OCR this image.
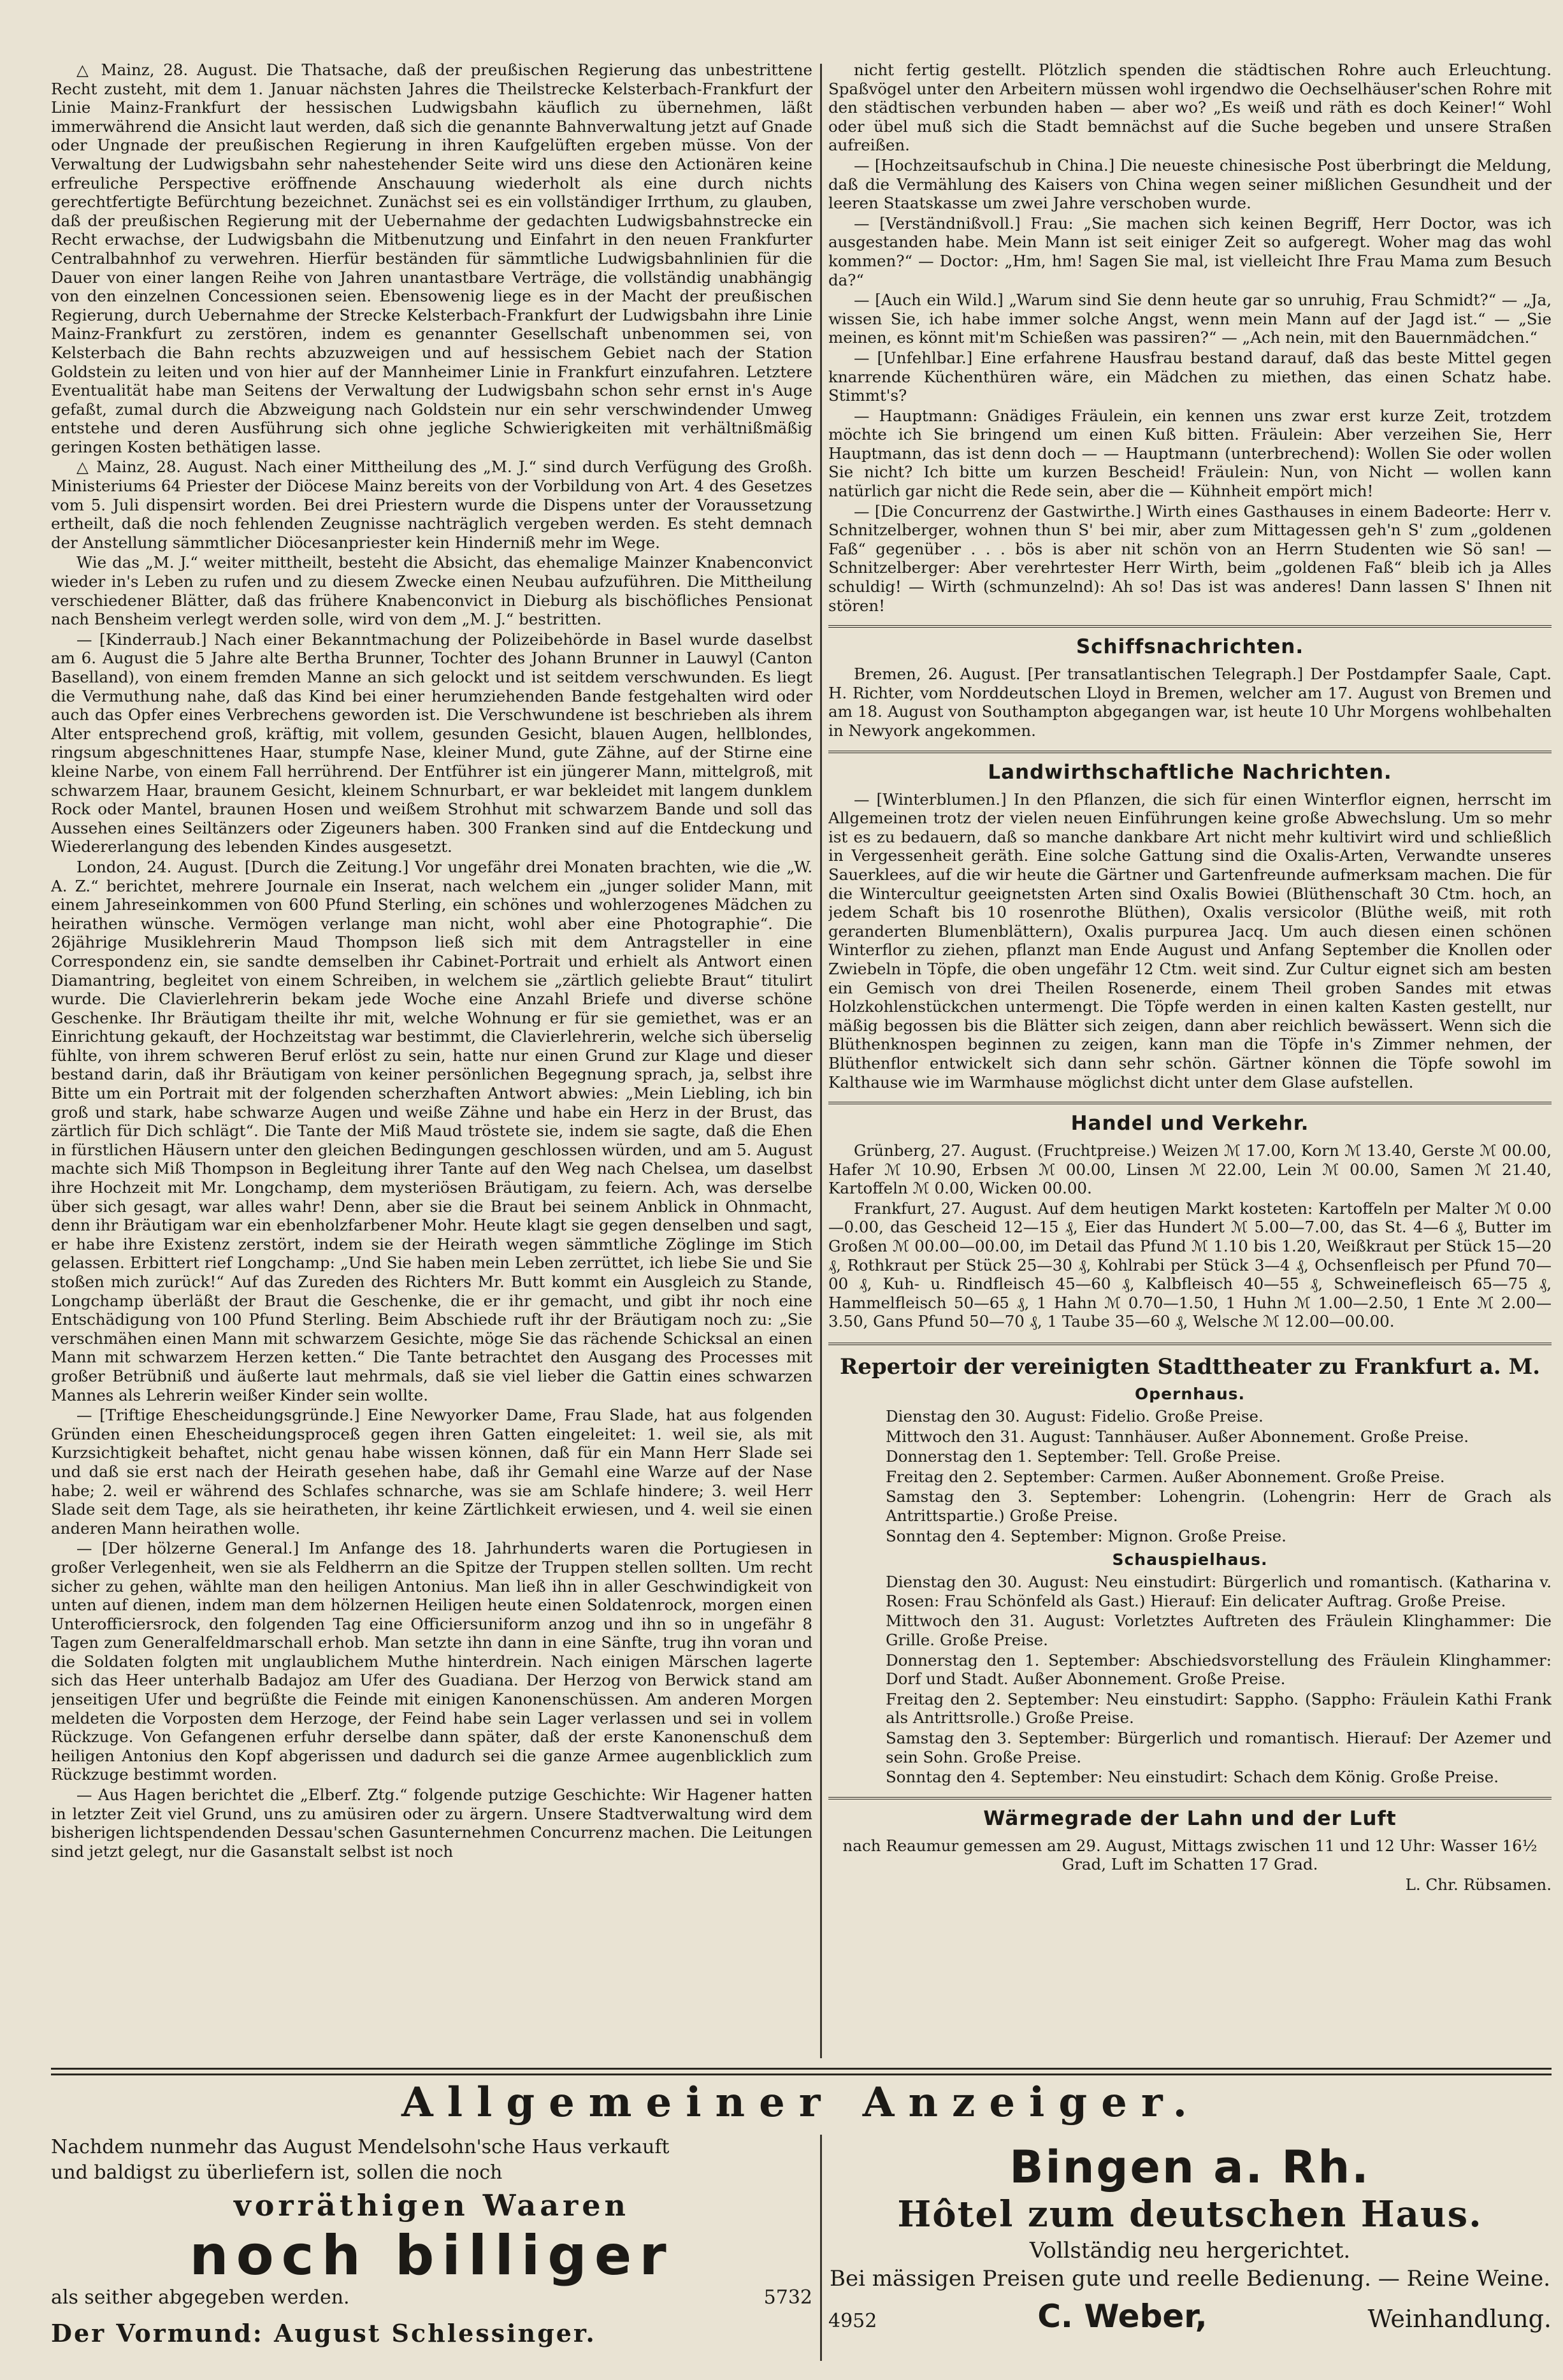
△ Mainz, 28. August. Die Thatsache, daß der preußischen Regierung das unbestrittene Recht zusteht, mit dem 1. Januar nächsten Jahres die Theilstrecke Kelsterbach-Frankfurt der Linie Mainz-Frankfurt der hessischen Ludwigsbahn käuflich zu übernehmen, läßt immerwährend die Ansicht laut werden, daß sich die genannte Bahnverwaltung jetzt auf Gnade oder Ungnade der preußischen Regierung in ihren Kaufgelüften ergeben müsse. Von der Verwaltung der Ludwigsbahn sehr nahestehender Seite wird uns diese den Actionären keine erfreuliche Perspective eröffnende Anschauung wiederholt als eine durch nichts gerechtfertigte Befürchtung bezeichnet. Zunächst sei es ein vollständiger Irrthum, zu glauben, daß der preußischen Regierung mit der Uebernahme der gedachten Ludwigsbahnstrecke ein Recht erwachse, der Ludwigsbahn die Mitbenutzung und Einfahrt in den neuen Frankfurter Centralbahnhof zu verwehren. Hierfür beständen für sämmtliche Ludwigsbahnlinien für die Dauer von einer langen Reihe von Jahren unantastbare Verträge, die vollständig unabhängig von den einzelnen Concessionen seien. Ebensowenig liege es in der Macht der preußischen Regierung, durch Uebernahme der Strecke Kelsterbach-Frankfurt der Ludwigsbahn ihre Linie Mainz-Frankfurt zu zerstören, indem es genannter Gesellschaft unbenommen sei, von Kelsterbach die Bahn rechts abzuzweigen und auf hessischem Gebiet nach der Station Goldstein zu leiten und von hier auf der Mannheimer Linie in Frankfurt einzufahren. Letztere Eventualität habe man Seitens der Verwaltung der Ludwigsbahn schon sehr ernst in's Auge gefaßt, zumal durch die Abzweigung nach Goldstein nur ein sehr verschwindender Umweg entstehe und deren Ausführung sich ohne jegliche Schwierigkeiten mit verhältnißmäßig geringen Kosten bethätigen lasse.

△ Mainz, 28. August. Nach einer Mittheilung des „M. J.“ sind durch Verfügung des Großh. Ministeriums 64 Priester der Diöcese Mainz bereits von der Vorbildung von Art. 4 des Gesetzes vom 5. Juli dispensirt worden. Bei drei Priestern wurde die Dispens unter der Voraussetzung ertheilt, daß die noch fehlenden Zeugnisse nachträglich vergeben werden. Es steht demnach der Anstellung sämmtlicher Diöcesanpriester kein Hinderniß mehr im Wege.

Wie das „M. J.“ weiter mittheilt, besteht die Absicht, das ehemalige Mainzer Knabenconvict wieder in's Leben zu rufen und zu diesem Zwecke einen Neubau aufzuführen. Die Mittheilung verschiedener Blätter, daß das frühere Knabenconvict in Dieburg als bischöfliches Pensionat nach Bensheim verlegt werden solle, wird von dem „M. J.“ bestritten.

— [Kinderraub.] Nach einer Bekanntmachung der Polizeibehörde in Basel wurde daselbst am 6. August die 5 Jahre alte Bertha Brunner, Tochter des Johann Brunner in Lauwyl (Canton Baselland), von einem fremden Manne an sich gelockt und ist seitdem verschwunden. Es liegt die Vermuthung nahe, daß das Kind bei einer herumziehenden Bande festgehalten wird oder auch das Opfer eines Verbrechens geworden ist. Die Verschwundene ist beschrieben als ihrem Alter entsprechend groß, kräftig, mit vollem, gesunden Gesicht, blauen Augen, hellblondes, ringsum abgeschnittenes Haar, stumpfe Nase, kleiner Mund, gute Zähne, auf der Stirne eine kleine Narbe, von einem Fall herrührend. Der Entführer ist ein jüngerer Mann, mittelgroß, mit schwarzem Haar, braunem Gesicht, kleinem Schnurbart, er war bekleidet mit langem dunklem Rock oder Mantel, braunen Hosen und weißem Strohhut mit schwarzem Bande und soll das Aussehen eines Seiltänzers oder Zigeuners haben. 300 Franken sind auf die Entdeckung und Wiedererlangung des lebenden Kindes ausgesetzt.

London, 24. August. [Durch die Zeitung.] Vor ungefähr drei Monaten brachten, wie die „W. A. Z.“ berichtet, mehrere Journale ein Inserat, nach welchem ein „junger solider Mann, mit einem Jahreseinkommen von 600 Pfund Sterling, ein schönes und wohlerzogenes Mädchen zu heirathen wünsche. Vermögen verlange man nicht, wohl aber eine Photographie“. Die 26jährige Musiklehrerin Maud Thompson ließ sich mit dem Antragsteller in eine Correspondenz ein, sie sandte demselben ihr Cabinet-Portrait und erhielt als Antwort einen Diamantring, begleitet von einem Schreiben, in welchem sie „zärtlich geliebte Braut“ titulirt wurde. Die Clavierlehrerin bekam jede Woche eine Anzahl Briefe und diverse schöne Geschenke. Ihr Bräutigam theilte ihr mit, welche Wohnung er für sie gemiethet, was er an Einrichtung gekauft, der Hochzeitstag war bestimmt, die Clavierlehrerin, welche sich überselig fühlte, von ihrem schweren Beruf erlöst zu sein, hatte nur einen Grund zur Klage und dieser bestand darin, daß ihr Bräutigam von keiner persönlichen Begegnung sprach, ja, selbst ihre Bitte um ein Portrait mit der folgenden scherzhaften Antwort abwies: „Mein Liebling, ich bin groß und stark, habe schwarze Augen und weiße Zähne und habe ein Herz in der Brust, das zärtlich für Dich schlägt“. Die Tante der Miß Maud tröstete sie, indem sie sagte, daß die Ehen in fürstlichen Häusern unter den gleichen Bedingungen geschlossen würden, und am 5. August machte sich Miß Thompson in Begleitung ihrer Tante auf den Weg nach Chelsea, um daselbst ihre Hochzeit mit Mr. Longchamp, dem mysteriösen Bräutigam, zu feiern. Ach, was derselbe über sich gesagt, war alles wahr! Denn, aber sie die Braut bei seinem Anblick in Ohnmacht, denn ihr Bräutigam war ein ebenholzfarbener Mohr. Heute klagt sie gegen denselben und sagt, er habe ihre Existenz zerstört, indem sie der Heirath wegen sämmtliche Zöglinge im Stich gelassen. Erbittert rief Longchamp: „Und Sie haben mein Leben zerrüttet, ich liebe Sie und Sie stoßen mich zurück!“ Auf das Zureden des Richters Mr. Butt kommt ein Ausgleich zu Stande, Longchamp überläßt der Braut die Geschenke, die er ihr gemacht, und gibt ihr noch eine Entschädigung von 100 Pfund Sterling. Beim Abschiede ruft ihr der Bräutigam noch zu: „Sie verschmähen einen Mann mit schwarzem Gesichte, möge Sie das rächende Schicksal an einen Mann mit schwarzem Herzen ketten.“ Die Tante betrachtet den Ausgang des Processes mit großer Betrübniß und äußerte laut mehrmals, daß sie viel lieber die Gattin eines schwarzen Mannes als Lehrerin weißer Kinder sein wollte.

— [Triftige Ehescheidungsgründe.] Eine Newyorker Dame, Frau Slade, hat aus folgenden Gründen einen Ehescheidungsproceß gegen ihren Gatten eingeleitet: 1. weil sie, als mit Kurzsichtigkeit behaftet, nicht genau habe wissen können, daß für ein Mann Herr Slade sei und daß sie erst nach der Heirath gesehen habe, daß ihr Gemahl eine Warze auf der Nase habe; 2. weil er während des Schlafes schnarche, was sie am Schlafe hindere; 3. weil Herr Slade seit dem Tage, als sie heiratheten, ihr keine Zärtlichkeit erwiesen, und 4. weil sie einen anderen Mann heirathen wolle.

— [Der hölzerne General.] Im Anfange des 18. Jahrhunderts waren die Portugiesen in großer Verlegenheit, wen sie als Feldherrn an die Spitze der Truppen stellen sollten. Um recht sicher zu gehen, wählte man den heiligen Antonius. Man ließ ihn in aller Geschwindigkeit von unten auf dienen, indem man dem hölzernen Heiligen heute einen Soldatenrock, morgen einen Unterofficiersrock, den folgenden Tag eine Officiersuniform anzog und ihn so in ungefähr 8 Tagen zum Generalfeldmarschall erhob. Man setzte ihn dann in eine Sänfte, trug ihn voran und die Soldaten folgten mit unglaublichem Muthe hinterdrein. Nach einigen Märschen lagerte sich das Heer unterhalb Badajoz am Ufer des Guadiana. Der Herzog von Berwick stand am jenseitigen Ufer und begrüßte die Feinde mit einigen Kanonenschüssen. Am anderen Morgen meldeten die Vorposten dem Herzoge, der Feind habe sein Lager verlassen und sei in vollem Rückzuge. Von Gefangenen erfuhr derselbe dann später, daß der erste Kanonenschuß dem heiligen Antonius den Kopf abgerissen und dadurch sei die ganze Armee augenblicklich zum Rückzuge bestimmt worden.

— Aus Hagen berichtet die „Elberf. Ztg.“ folgende putzige Geschichte: Wir Hagener hatten in letzter Zeit viel Grund, uns zu amüsiren oder zu ärgern. Unsere Stadtverwaltung wird dem bisherigen lichtspendenden Dessau'schen Gasunternehmen Concurrenz machen. Die Leitungen sind jetzt gelegt, nur die Gasanstalt selbst ist noch

nicht fertig gestellt. Plötzlich spenden die städtischen Rohre auch Erleuchtung. Spaßvögel unter den Arbeitern müssen wohl irgendwo die Oechselhäuser'schen Rohre mit den städtischen verbunden haben — aber wo? „Es weiß und räth es doch Keiner!“ Wohl oder übel muß sich die Stadt bemnächst auf die Suche begeben und unsere Straßen aufreißen.

— [Hochzeitsaufschub in China.] Die neueste chinesische Post überbringt die Meldung, daß die Vermählung des Kaisers von China wegen seiner mißlichen Gesundheit und der leeren Staatskasse um zwei Jahre verschoben wurde.

— [Verständnißvoll.] Frau: „Sie machen sich keinen Begriff, Herr Doctor, was ich ausgestanden habe. Mein Mann ist seit einiger Zeit so aufgeregt. Woher mag das wohl kommen?“ — Doctor: „Hm, hm! Sagen Sie mal, ist vielleicht Ihre Frau Mama zum Besuch da?“

— [Auch ein Wild.] „Warum sind Sie denn heute gar so unruhig, Frau Schmidt?“ — „Ja, wissen Sie, ich habe immer solche Angst, wenn mein Mann auf der Jagd ist.“ — „Sie meinen, es könnt mit'm Schießen was passiren?“ — „Ach nein, mit den Bauernmädchen.“

— [Unfehlbar.] Eine erfahrene Hausfrau bestand darauf, daß das beste Mittel gegen knarrende Küchenthüren wäre, ein Mädchen zu miethen, das einen Schatz habe. Stimmt's?

— Hauptmann: Gnädiges Fräulein, ein kennen uns zwar erst kurze Zeit, trotzdem möchte ich Sie bringend um einen Kuß bitten. Fräulein: Aber verzeihen Sie, Herr Hauptmann, das ist denn doch — — Hauptmann (unterbrechend): Wollen Sie oder wollen Sie nicht? Ich bitte um kurzen Bescheid! Fräulein: Nun, von Nicht — wollen kann natürlich gar nicht die Rede sein, aber die — Kühnheit empört mich!

— [Die Concurrenz der Gastwirthe.] Wirth eines Gasthauses in einem Badeorte: Herr v. Schnitzelberger, wohnen thun S' bei mir, aber zum Mittagessen geh'n S' zum „goldenen Faß“ gegenüber . . . bös is aber nit schön von an Herrn Studenten wie Sö san! — Schnitzelberger: Aber verehrtester Herr Wirth, beim „goldenen Faß“ bleib ich ja Alles schuldig! — Wirth (schmunzelnd): Ah so! Das ist was anderes! Dann lassen S' Ihnen nit stören!

Schiffsnachrichten.

Bremen, 26. August. [Per transatlantischen Telegraph.] Der Postdampfer Saale, Capt. H. Richter, vom Norddeutschen Lloyd in Bremen, welcher am 17. August von Bremen und am 18. August von Southampton abgegangen war, ist heute 10 Uhr Morgens wohlbehalten in Newyork angekommen.

Landwirthschaftliche Nachrichten.

— [Winterblumen.] In den Pflanzen, die sich für einen Winterflor eignen, herrscht im Allgemeinen trotz der vielen neuen Einführungen keine große Abwechslung. Um so mehr ist es zu bedauern, daß so manche dankbare Art nicht mehr kultivirt wird und schließlich in Vergessenheit geräth. Eine solche Gattung sind die Oxalis-Arten, Verwandte unseres Sauerklees, auf die wir heute die Gärtner und Gartenfreunde aufmerksam machen. Die für die Wintercultur geeignetsten Arten sind Oxalis Bowiei (Blüthenschaft 30 Ctm. hoch, an jedem Schaft bis 10 rosenrothe Blüthen), Oxalis versicolor (Blüthe weiß, mit roth geranderten Blumenblättern), Oxalis purpurea Jacq. Um auch diesen einen schönen Winterflor zu ziehen, pflanzt man Ende August und Anfang September die Knollen oder Zwiebeln in Töpfe, die oben ungefähr 12 Ctm. weit sind. Zur Cultur eignet sich am besten ein Gemisch von drei Theilen Rosenerde, einem Theil groben Sandes mit etwas Holzkohlenstückchen untermengt. Die Töpfe werden in einen kalten Kasten gestellt, nur mäßig begossen bis die Blätter sich zeigen, dann aber reichlich bewässert. Wenn sich die Blüthenknospen beginnen zu zeigen, kann man die Töpfe in's Zimmer nehmen, der Blüthenflor entwickelt sich dann sehr schön. Gärtner können die Töpfe sowohl im Kalthause wie im Warmhause möglichst dicht unter dem Glase aufstellen.

Handel und Verkehr.

Grünberg, 27. August. (Fruchtpreise.) Weizen ℳ 17.00, Korn ℳ 13.40, Gerste ℳ 00.00, Hafer ℳ 10.90, Erbsen ℳ 00.00, Linsen ℳ 22.00, Lein ℳ 00.00, Samen ℳ 21.40, Kartoffeln ℳ 0.00, Wicken 00.00.

Frankfurt, 27. August. Auf dem heutigen Markt kosteten: Kartoffeln per Malter ℳ 0.00—0.00, das Gescheid 12—15 ₰, Eier das Hundert ℳ 5.00—7.00, das St. 4—6 ₰, Butter im Großen ℳ 00.00—00.00, im Detail das Pfund ℳ 1.10 bis 1.20, Weißkraut per Stück 15—20 ₰, Rothkraut per Stück 25—30 ₰, Kohlrabi per Stück 3—4 ₰, Ochsenfleisch per Pfund 70—00 ₰, Kuh- u. Rindfleisch 45—60 ₰, Kalbfleisch 40—55 ₰, Schweinefleisch 65—75 ₰, Hammelfleisch 50—65 ₰, 1 Hahn ℳ 0.70—1.50, 1 Huhn ℳ 1.00—2.50, 1 Ente ℳ 2.00—3.50, Gans Pfund 50—70 ₰, 1 Taube 35—60 ₰, Welsche ℳ 12.00—00.00.

Repertoir der vereinigten Stadttheater zu Frankfurt a. M.
Opernhaus.

Dienstag den 30. August: Fidelio. Große Preise.

Mittwoch den 31. August: Tannhäuser. Außer Abonnement. Große Preise.

Donnerstag den 1. September: Tell. Große Preise.

Freitag den 2. September: Carmen. Außer Abonnement. Große Preise.

Samstag den 3. September: Lohengrin. (Lohengrin: Herr de Grach als Antrittspartie.) Große Preise.

Sonntag den 4. September: Mignon. Große Preise.

Schauspielhaus.

Dienstag den 30. August: Neu einstudirt: Bürgerlich und romantisch. (Katharina v. Rosen: Frau Schönfeld als Gast.) Hierauf: Ein delicater Auftrag. Große Preise.

Mittwoch den 31. August: Vorletztes Auftreten des Fräulein Klinghammer: Die Grille. Große Preise.

Donnerstag den 1. September: Abschiedsvorstellung des Fräulein Klinghammer: Dorf und Stadt. Außer Abonnement. Große Preise.

Freitag den 2. September: Neu einstudirt: Sappho. (Sappho: Fräulein Kathi Frank als Antrittsrolle.) Große Preise.

Samstag den 3. September: Bürgerlich und romantisch. Hierauf: Der Azemer und sein Sohn. Große Preise.

Sonntag den 4. September: Neu einstudirt: Schach dem König. Große Preise.

Wärmegrade der Lahn und der Luft

nach Reaumur gemessen am 29. August, Mittags zwischen 11 und 12 Uhr: Wasser 16½ Grad, Luft im Schatten 17 Grad.

L. Chr. Rübsamen.

Allgemeiner Anzeiger.

Nachdem nunmehr das August Mendelsohn'sche Haus verkauft

und baldigst zu überliefern ist, sollen die noch

vorräthigen Waaren
noch billiger
als seither abgegeben werden.	5732
Der Vormund: August Schlessinger.
Bingen a. Rh.
Hôtel zum deutschen Haus.
Vollständig neu hergerichtet.
Bei mässigen Preisen gute und reelle Bedienung. — Reine Weine.
4952	C. Weber,	Weinhandlung.
